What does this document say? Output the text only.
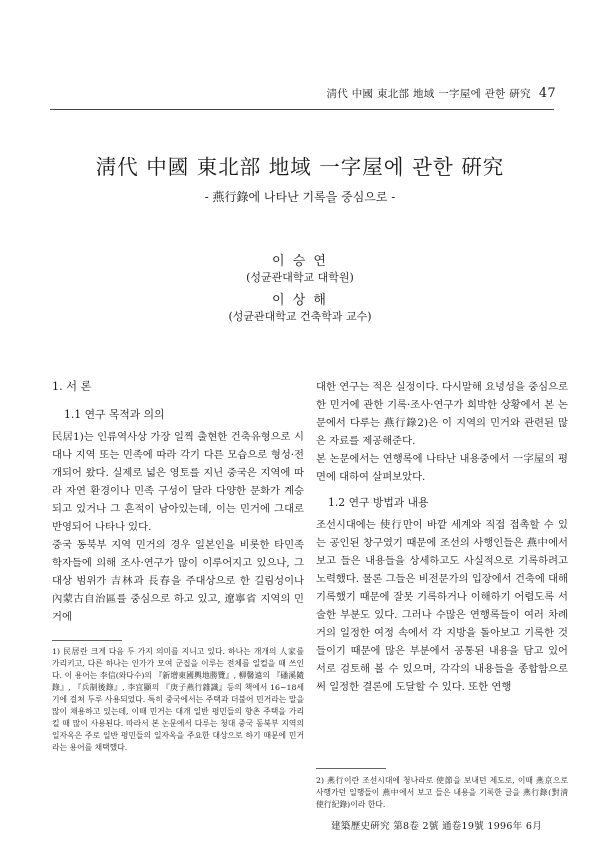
淸代 中國 東北部 地域 一字屋에 관한 硏究 47
淸代 中國 東北部 地域 一字屋에 관한 硏究
- 燕行錄에 나타난 기록을 중심으로 -
이 승 연
(성균관대학교 대학원)
이 상 해
(성균관대학교 건축학과 교수)
1. 서 론
1.1 연구 목적과 의의
民居1)는 인류역사상 가장 일찍 출현한 건축유형으로 시대나 지역 또는 민족에 따라 각기 다른 모습으로 형성·전개되어 왔다. 실제로 넓은 영토를 지닌 중국은 지역에 따라 자연 환경이나 민족 구성이 달라 다양한 문화가 계승되고 있거나 그 흔적이 남아있는데, 이는 민거에 그대로 반영되어 나타나 있다.
중국 동북부 지역 민거의 경우 일본인을 비롯한 타민족 학자들에 의해 조사·연구가 많이 이루어지고 있으나, 그 대상 범위가 吉林과 長春을 주대상으로 한 길림성이나 內蒙古自治區를 중심으로 하고 있고, 遼寧省 지역의 민거에
1) 民居란 크게 다음 두 가지 의미를 지니고 있다. 하나는 개개의 人家를 가리키고, 다른 하나는 인가가 모여 군집을 이루는 전체를 일컬을 때 쓰인다. 이 용어는 李信(와다수)의 『新增東國輿地勝覽』, 柳馨遠의 『磻溪隨錄』, 『兵制後錄』, 李宜顯의 『庚子燕行雜識』등의 책에서 16~18세기에 걸쳐 두루 사용되었다. 특히 중국에서는 주택과 더불어 민거라는 말을 많이 채용하고 있는데, 이때 민거는 대개 일반 평민들의 향촌 주택을 가리킬 때 많이 사용된다. 따라서 본 논문에서 다루는 청대 중국 동북부 지역의 일자옥은 주로 일반 평민들의 일자옥을 주요한 대상으로 하기 때문에 민거라는 용어를 채택했다.
대한 연구는 적은 실정이다. 다시말해 요녕성을 중심으로 한 민거에 관한 기록·조사·연구가 희박한 상황에서 본 논문에서 다루는 燕行錄2)은 이 지역의 민거와 관련된 많은 자료를 제공해준다.
본 논문에서는 연행록에 나타난 내용중에서 一字屋의 평면에 대하여 살펴보았다.
1.2 연구 방법과 내용
조선시대에는 使行만이 바깥 세계와 직접 접촉할 수 있는 공인된 창구였기 때문에 조선의 사행인들은 燕中에서 보고 들은 내용들을 상세하고도 사실적으로 기록하려고 노력했다. 물론 그들은 비전문가의 입장에서 건축에 대해 기록했기 때문에 잘못 기록하거나 이해하기 어렵도록 서술한 부분도 있다. 그러나 수많은 연행록들이 여러 차례 거의 일정한 여정 속에서 각 지방을 돌아보고 기록한 것들이기 때문에 많은 부분에서 공통된 내용을 담고 있어 서로 검토해 볼 수 있으며, 각각의 내용들을 종합함으로써 일정한 결론에 도달할 수 있다. 또한 연행
2) 燕行이란 조선시대에 청나라로 使節을 보내던 제도로, 이때 燕京으로 사행가던 일행들이 燕中에서 보고 들은 내용을 기록한 글을 燕行錄(對淸 使行紀錄)이라 한다.
建築歷史硏究 第8卷 2號 通卷19號 1996年 6月
